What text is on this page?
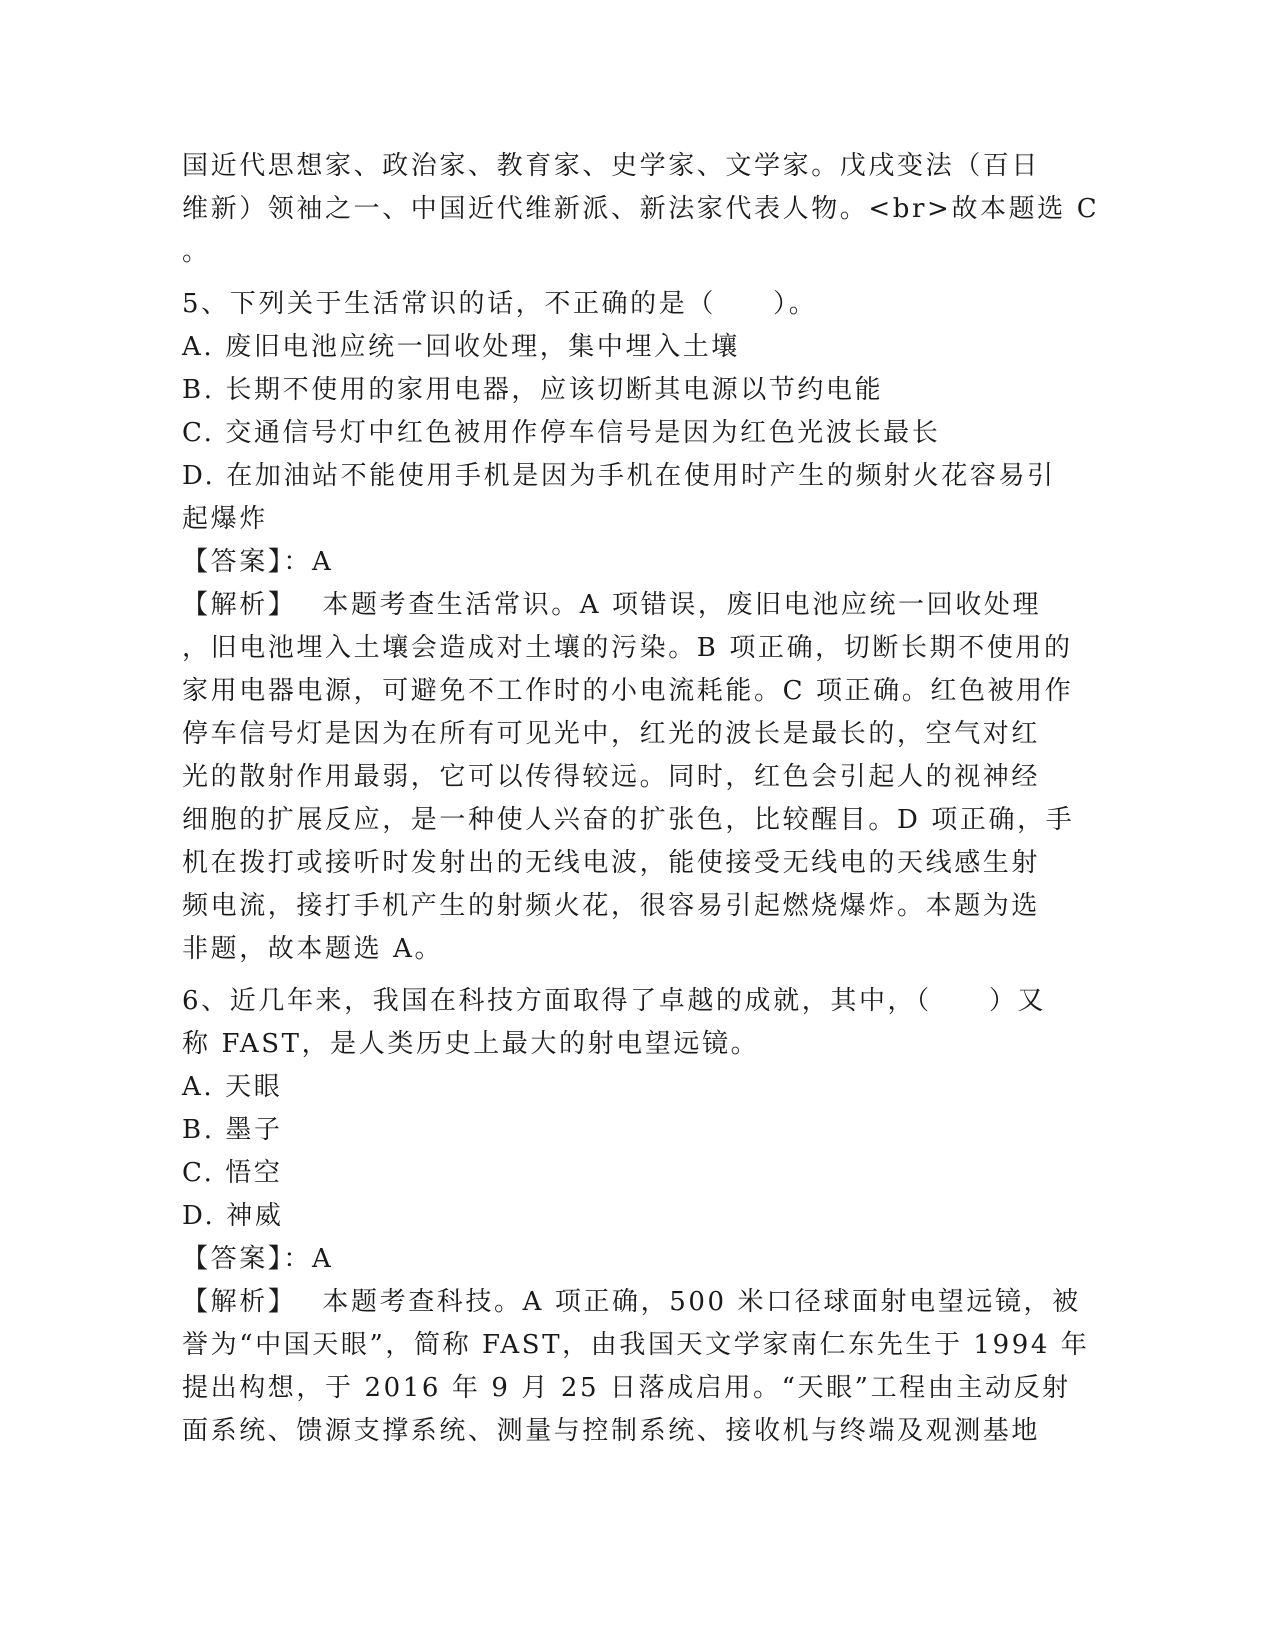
国近代思想家、政治家、教育家、史学家、文学家。戊戌变法（百日
维新）领袖之一、中国近代维新派、新法家代表人物。<br>故本题选 C
。
5、下列关于生活常识的话，不正确的是（　　）。
A. 废旧电池应统一回收处理，集中埋入土壤
B. 长期不使用的家用电器，应该切断其电源以节约电能
C. 交通信号灯中红色被用作停车信号是因为红色光波长最长
D. 在加油站不能使用手机是因为手机在使用时产生的频射火花容易引
起爆炸
【答案】：A
【解析】 本题考查生活常识。A 项错误，废旧电池应统一回收处理
，旧电池埋入土壤会造成对土壤的污染。B 项正确，切断长期不使用的
家用电器电源，可避免不工作时的小电流耗能。C 项正确。红色被用作
停车信号灯是因为在所有可见光中，红光的波长是最长的，空气对红
光的散射作用最弱，它可以传得较远。同时，红色会引起人的视神经
细胞的扩展反应，是一种使人兴奋的扩张色，比较醒目。D 项正确，手
机在拨打或接听时发射出的无线电波，能使接受无线电的天线感生射
频电流，接打手机产生的射频火花，很容易引起燃烧爆炸。本题为选
非题，故本题选 A。
6、近几年来，我国在科技方面取得了卓越的成就，其中，（　　）又
称 FAST，是人类历史上最大的射电望远镜。
A. 天眼
B. 墨子
C. 悟空
D. 神威
【答案】：A
【解析】 本题考查科技。A 项正确，500 米口径球面射电望远镜，被
誉为“中国天眼”，简称 FAST，由我国天文学家南仁东先生于 1994 年
提出构想，于 2016 年 9 月 25 日落成启用。“天眼”工程由主动反射
面系统、馈源支撑系统、测量与控制系统、接收机与终端及观测基地
